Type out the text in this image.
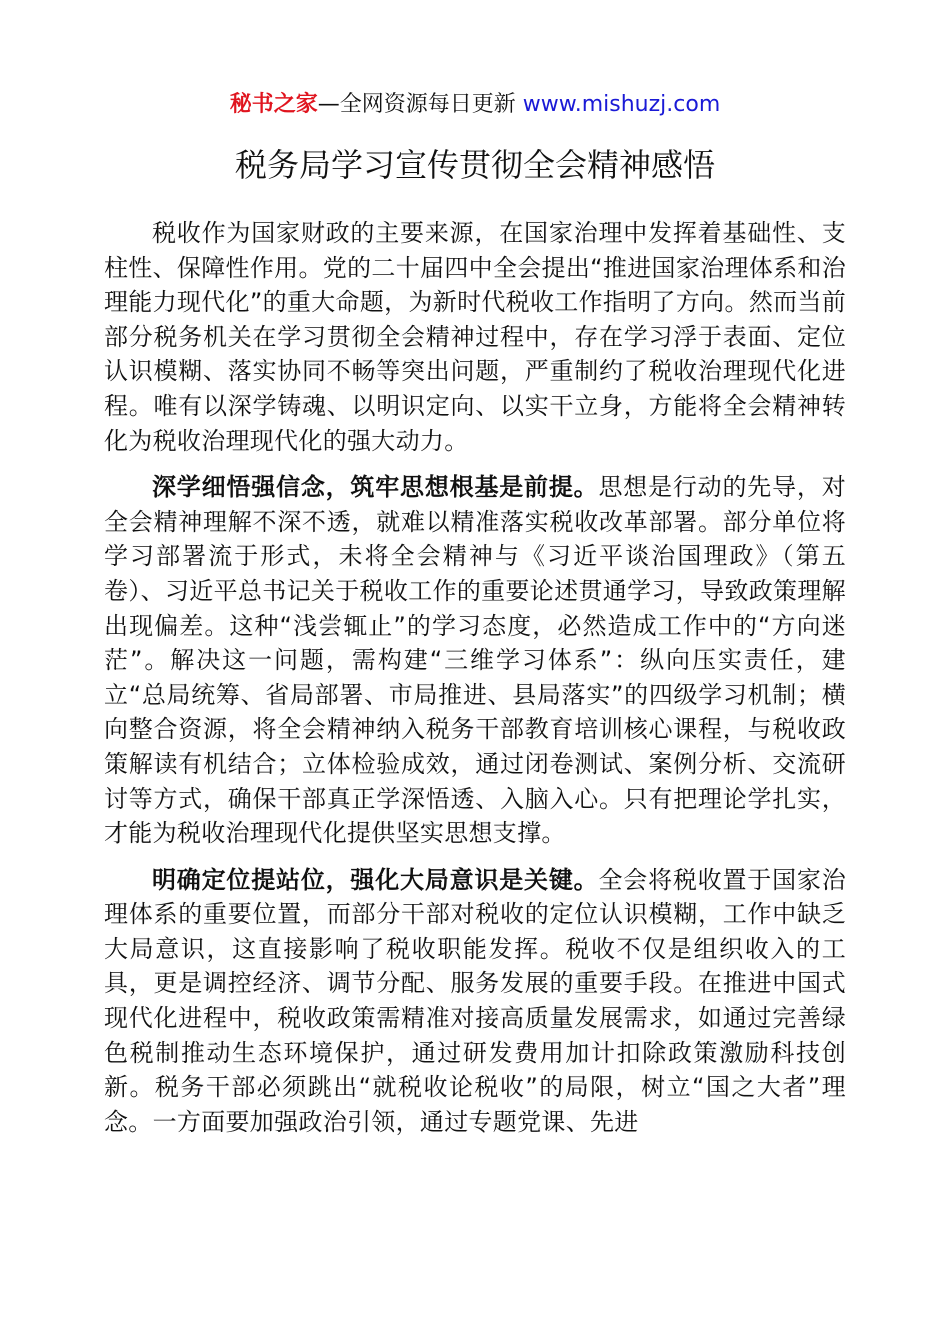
秘书之家—全网资源每日更新 www.mishuzj.com
税务局学习宣传贯彻全会精神感悟

税收作为国家财政的主要来源，在国家治理中发挥着基础性、支柱性、保障性作用。党的二十届四中全会提出“推进国家治理体系和治理能力现代化”的重大命题，为新时代税收工作指明了方向。然而当前部分税务机关在学习贯彻全会精神过程中，存在学习浮于表面、定位认识模糊、落实协同不畅等突出问题，严重制约了税收治理现代化进程。唯有以深学铸魂、以明识定向、以实干立身，方能将全会精神转化为税收治理现代化的强大动力。

深学细悟强信念，筑牢思想根基是前提。思想是行动的先导，对全会精神理解不深不透，就难以精准落实税收改革部署。部分单位将学习部署流于形式，未将全会精神与《习近平谈治国理政》（第五卷）、习近平总书记关于税收工作的重要论述贯通学习，导致政策理解出现偏差。这种“浅尝辄止”的学习态度，必然造成工作中的“方向迷茫”。解决这一问题，需构建“三维学习体系”：纵向压实责任，建立“总局统筹、省局部署、市局推进、县局落实”的四级学习机制；横向整合资源，将全会精神纳入税务干部教育培训核心课程，与税收政策解读有机结合；立体检验成效，通过闭卷测试、案例分析、交流研讨等方式，确保干部真正学深悟透、入脑入心。只有把理论学扎实，才能为税收治理现代化提供坚实思想支撑。

明确定位提站位，强化大局意识是关键。全会将税收置于国家治理体系的重要位置，而部分干部对税收的定位认识模糊，工作中缺乏大局意识，这直接影响了税收职能发挥。税收不仅是组织收入的工具，更是调控经济、调节分配、服务发展的重要手段。在推进中国式现代化进程中，税收政策需精准对接高质量发展需求，如通过完善绿色税制推动生态环境保护，通过研发费用加计扣除政策激励科技创新。税务干部必须跳出“就税收论税收”的局限，树立“国之大者”理念。一方面要加强政治引领，通过专题党课、先进
